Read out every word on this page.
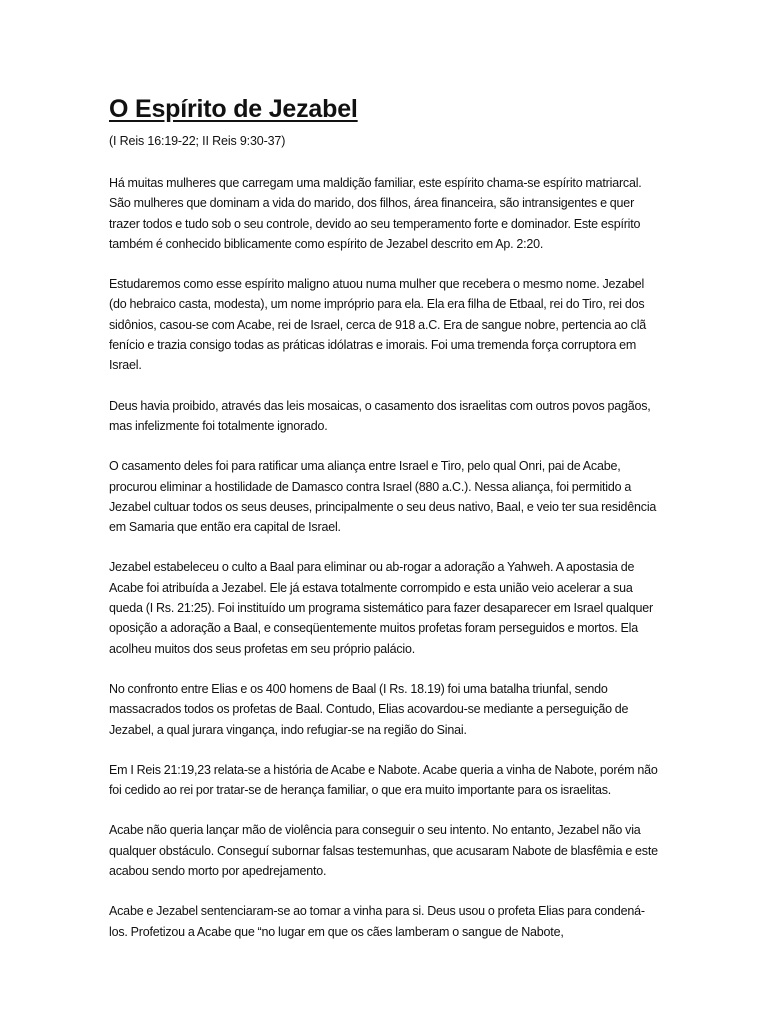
O Espírito de Jezabel

(I Reis 16:19-22; II Reis 9:30-37)

Há muitas mulheres que carregam uma maldição familiar, este espírito chama-se espírito matriarcal. São mulheres que dominam a vida do marido, dos filhos, área financeira, são intransigentes e quer trazer todos e tudo sob o seu controle, devido ao seu temperamento forte e dominador. Este espírito também é conhecido biblicamente como espírito de Jezabel descrito em Ap. 2:20.

Estudaremos como esse espírito maligno atuou numa mulher que recebera o mesmo nome. Jezabel (do hebraico casta, modesta), um nome impróprio para ela. Ela era filha de Etbaal, rei do Tiro, rei dos sidônios, casou-se com Acabe, rei de Israel, cerca de 918 a.C. Era de sangue nobre, pertencia ao clã fenício e trazia consigo todas as práticas idólatras e imorais. Foi uma tremenda força corruptora em Israel.

Deus havia proibido, através das leis mosaicas, o casamento dos israelitas com outros povos pagãos, mas infelizmente foi totalmente ignorado.

O casamento deles foi para ratificar uma aliança entre Israel e Tiro, pelo qual Onri, pai de Acabe, procurou eliminar a hostilidade de Damasco contra Israel (880 a.C.). Nessa aliança, foi permitido a Jezabel cultuar todos os seus deuses, principalmente o seu deus nativo, Baal, e veio ter sua residência em Samaria que então era capital de Israel.

Jezabel estabeleceu o culto a Baal para eliminar ou ab-rogar a adoração a Yahweh. A apostasia de Acabe foi atribuída a Jezabel. Ele já estava totalmente corrompido e esta união veio acelerar a sua queda (I Rs. 21:25). Foi instituído um programa sistemático para fazer desaparecer em Israel qualquer oposição a adoração a Baal, e conseqüentemente muitos profetas foram perseguidos e mortos. Ela acolheu muitos dos seus profetas em seu próprio palácio.

No confronto entre Elias e os 400 homens de Baal (I Rs. 18.19) foi uma batalha triunfal, sendo massacrados todos os profetas de Baal. Contudo, Elias acovardou-se mediante a perseguição de Jezabel, a qual jurara vingança, indo refugiar-se na região do Sinai.

Em I Reis 21:19,23 relata-se a história de Acabe e Nabote. Acabe queria a vinha de Nabote, porém não foi cedido ao rei por tratar-se de herança familiar, o que era muito importante para os israelitas.

Acabe não queria lançar mão de violência para conseguir o seu intento. No entanto, Jezabel não via qualquer obstáculo. Conseguí subornar falsas testemunhas, que acusaram Nabote de blasfêmia e este acabou sendo morto por apedrejamento.

Acabe e Jezabel sentenciaram-se ao tomar a vinha para si. Deus usou o profeta Elias para condená-los. Profetizou a Acabe que “no lugar em que os cães lamberam o sangue de Nabote,
